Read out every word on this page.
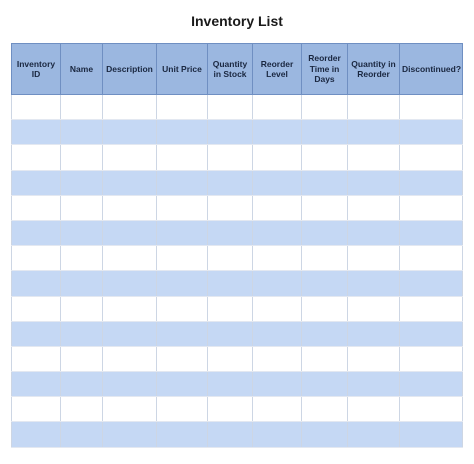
Inventory List
Inventory ID	Name	Description	Unit Price	Quantity in Stock	Reorder Level	Reorder Time in Days	Quantity in Reorder	Discontinued?
